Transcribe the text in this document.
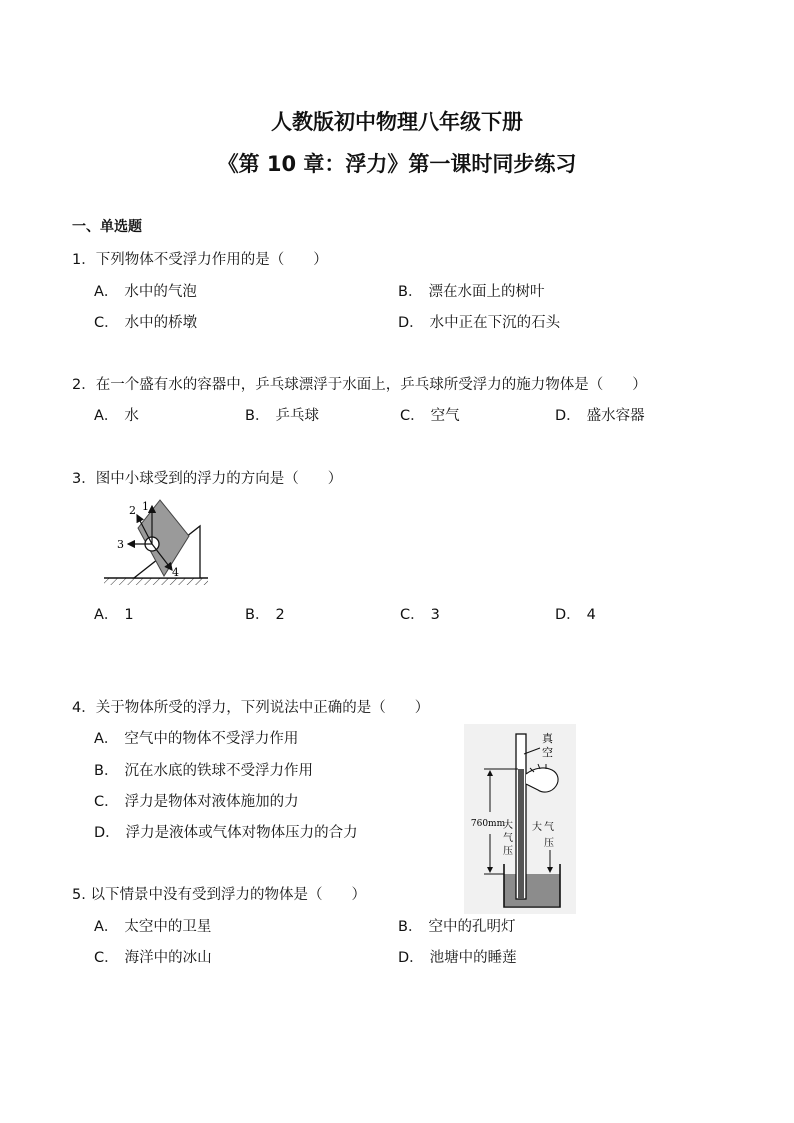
人教版初中物理八年级下册
《第 10 章：浮力》第一课时同步练习
一、单选题
1．下列物体不受浮力作用的是（　　）
A． 水中的气泡	B． 漂在水面上的树叶
C． 水中的桥墩	D． 水中正在下沉的石头
2．在一个盛有水的容器中，乒乓球漂浮于水面上，乒乓球所受浮力的施力物体是（　　）
A． 水	B． 乒乓球	C． 空气	D． 盛水容器
3．图中小球受到的浮力的方向是（　　）
1
2
3
4
A． 1	B． 2	C． 3	D． 4
4．关于物体所受的浮力，下列说法中正确的是（　　）
A． 空气中的物体不受浮力作用
B． 沉在水底的铁球不受浮力作用
C． 浮力是物体对液体施加的力
D． 浮力是液体或气体对物体压力的合力
真
空
760mm
大
气
压
大 气
压
5. 以下情景中没有受到浮力的物体是（　　）
A． 太空中的卫星	B． 空中的孔明灯
C． 海洋中的冰山	D． 池塘中的睡莲
